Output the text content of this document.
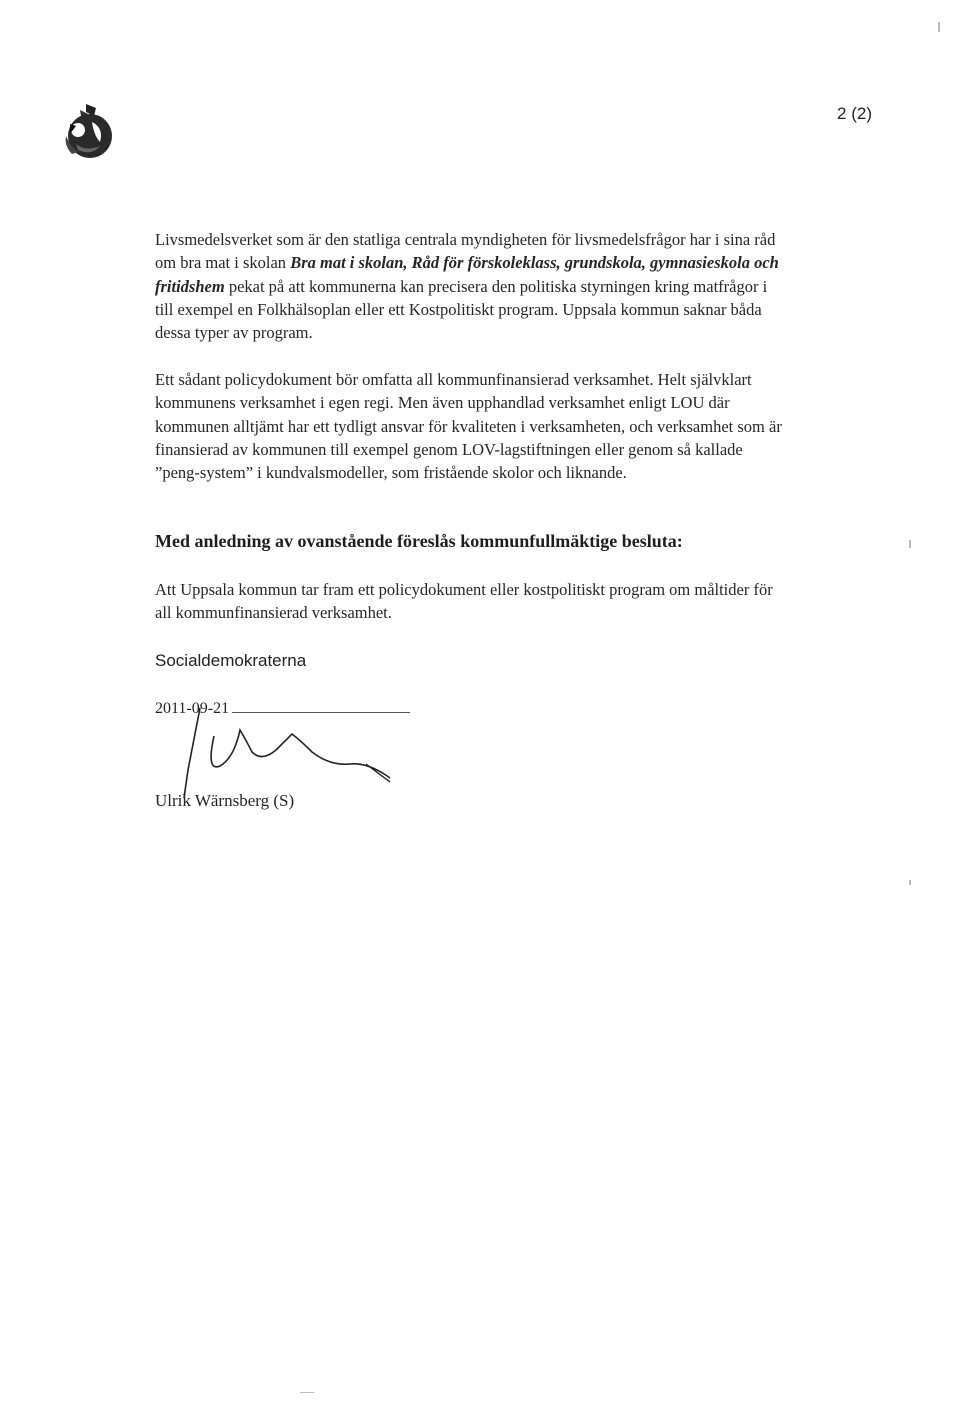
2 (2)
Livsmedelsverket som är den statliga centrala myndigheten för livsmedelsfrågor har i sina råd om bra mat i skolan Bra mat i skolan, Råd för förskoleklass, grundskola, gymnasieskola och fritidshem pekat på att kommunerna kan precisera den politiska styrningen kring matfrågor i till exempel en Folkhälsoplan eller ett Kostpolitiskt program. Uppsala kommun saknar båda dessa typer av program.
Ett sådant policydokument bör omfatta all kommunfinansierad verksamhet. Helt självklart kommunens verksamhet i egen regi. Men även upphandlad verksamhet enligt LOU där kommunen alltjämt har ett tydligt ansvar för kvaliteten i verksamheten, och verksamhet som är finansierad av kommunen till exempel genom LOV-lagstiftningen eller genom så kallade ”peng-system” i kundvalsmodeller, som fristående skolor och liknande.
Med anledning av ovanstående föreslås kommunfullmäktige besluta:
Att Uppsala kommun tar fram ett policydokument eller kostpolitiskt program om måltider för all kommunfinansierad verksamhet.
Socialdemokraterna
2011-09-21
Ulrik Wärnsberg (S)
